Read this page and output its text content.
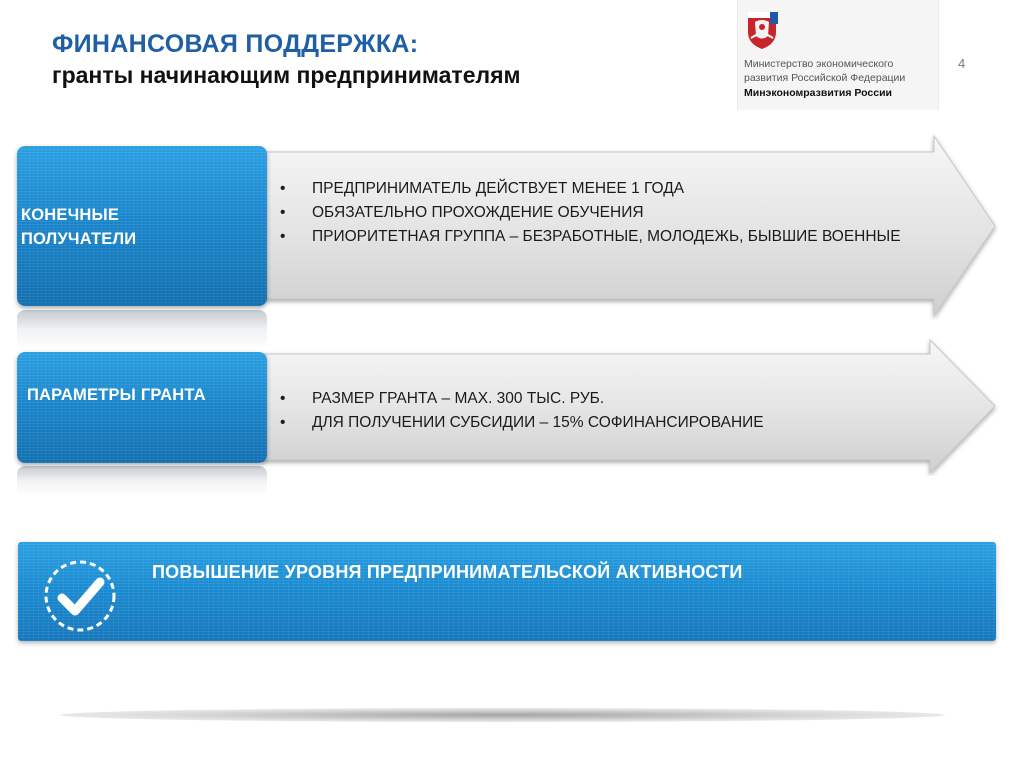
ФИНАНСОВАЯ ПОДДЕРЖКА:
гранты начинающим предпринимателям	Министерство экономического
развития Российской Федерации
Минэкономразвития России
4
КОНЕЧНЫЕ
ПОЛУЧАТЕЛИ
• ПРЕДПРИНИМАТЕЛЬ ДЕЙСТВУЕТ МЕНЕЕ 1 ГОДА
• ОБЯЗАТЕЛЬНО ПРОХОЖДЕНИЕ ОБУЧЕНИЯ
• ПРИОРИТЕТНАЯ ГРУППА – БЕЗРАБОТНЫЕ, МОЛОДЕЖЬ, БЫВШИЕ ВОЕННЫЕ
ПАРАМЕТРЫ ГРАНТА	• РАЗМЕР ГРАНТА – MAX. 300 ТЫС. РУБ.
• ДЛЯ ПОЛУЧЕНИИ СУБСИДИИ – 15% СОФИНАНСИРОВАНИЕ
ПОВЫШЕНИЕ УРОВНЯ ПРЕДПРИНИМАТЕЛЬСКОЙ АКТИВНОСТИ
